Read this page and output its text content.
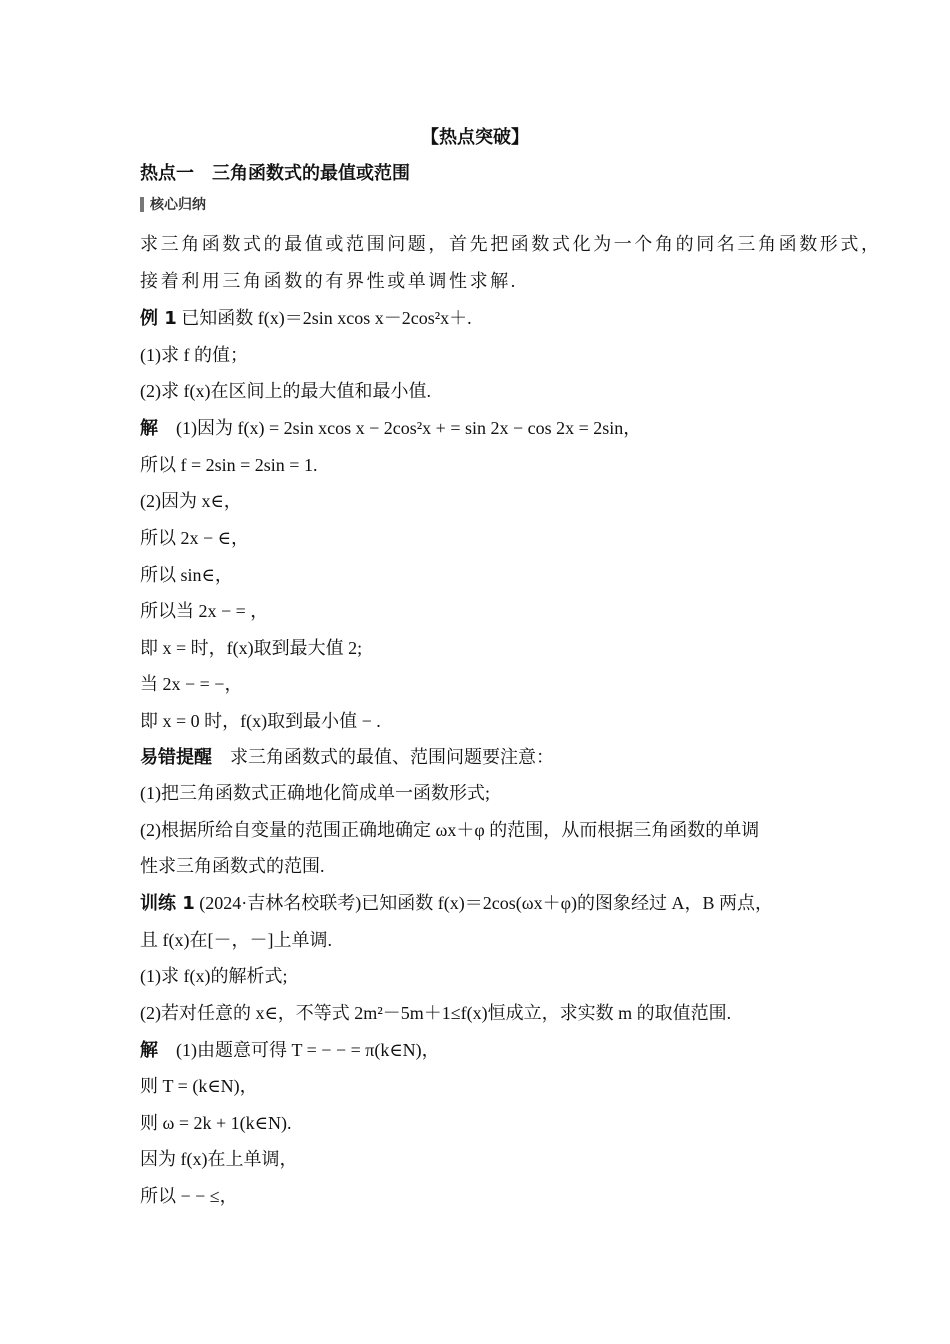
【热点突破】
热点一　三角函数式的最值或范围
核心归纳
求三角函数式的最值或范围问题，首先把函数式化为一个角的同名三角函数形式，
接着利用三角函数的有界性或单调性求解.
例 1 已知函数 f(x)＝2sin xcos x－2cos²x＋.
(1)求 f 的值；
(2)求 f(x)在区间上的最大值和最小值.
解　(1)因为 f(x) = 2sin xcos x − 2cos²x + = sin 2x − cos 2x = 2sin，
所以 f = 2sin = 2sin = 1.
(2)因为 x∈，
所以 2x − ∈，
所以 sin∈，
所以当 2x − = ，
即 x = 时，f(x)取到最大值 2;
当 2x − = −，
即 x = 0 时，f(x)取到最小值 − .
易错提醒　求三角函数式的最值、范围问题要注意：
(1)把三角函数式正确地化简成单一函数形式;
(2)根据所给自变量的范围正确地确定 ωx＋φ 的范围，从而根据三角函数的单调
性求三角函数式的范围.
训练 1 (2024·吉林名校联考)已知函数 f(x)＝2cos(ωx＋φ)的图象经过 A，B 两点，
且 f(x)在[－，－]上单调.
(1)求 f(x)的解析式;
(2)若对任意的 x∈，不等式 2m²－5m＋1≤f(x)恒成立，求实数 m 的取值范围.
解　(1)由题意可得 T = − − = π(k∈N)，
则 T = (k∈N)，
则 ω = 2k + 1(k∈N).
因为 f(x)在上单调，
所以 − − ≤，
